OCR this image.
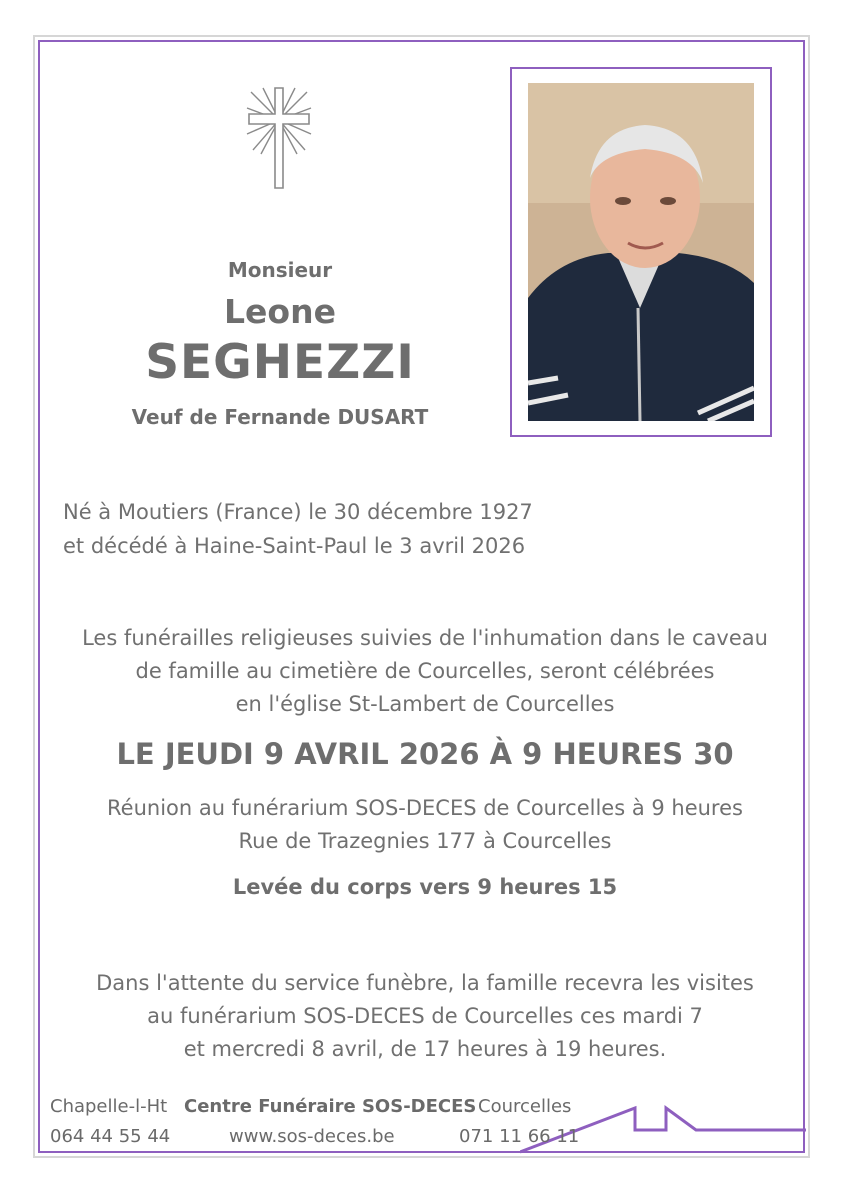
Monsieur
Leone
SEGHEZZI
Veuf de Fernande DUSART
Né à Moutiers (France) le 30 décembre 1927
et décédé à Haine-Saint-Paul le 3 avril 2026
Les funérailles religieuses suivies de l'inhumation dans le caveau
de famille au cimetière de Courcelles, seront célébrées
en l'église St-Lambert de Courcelles
LE JEUDI 9 AVRIL 2026 À 9 HEURES 30
Réunion au funérarium SOS-DECES de Courcelles à 9 heures
Rue de Trazegnies 177 à Courcelles
Levée du corps vers 9 heures 15
Dans l'attente du service funèbre, la famille recevra les visites
au funérarium SOS-DECES de Courcelles ces mardi 7
et mercredi 8 avril, de 17 heures à 19 heures.
Chapelle-l-Ht
064 44 55 44
Centre Funéraire SOS-DECES
www.sos-deces.be
Courcelles
071 11 66 11
